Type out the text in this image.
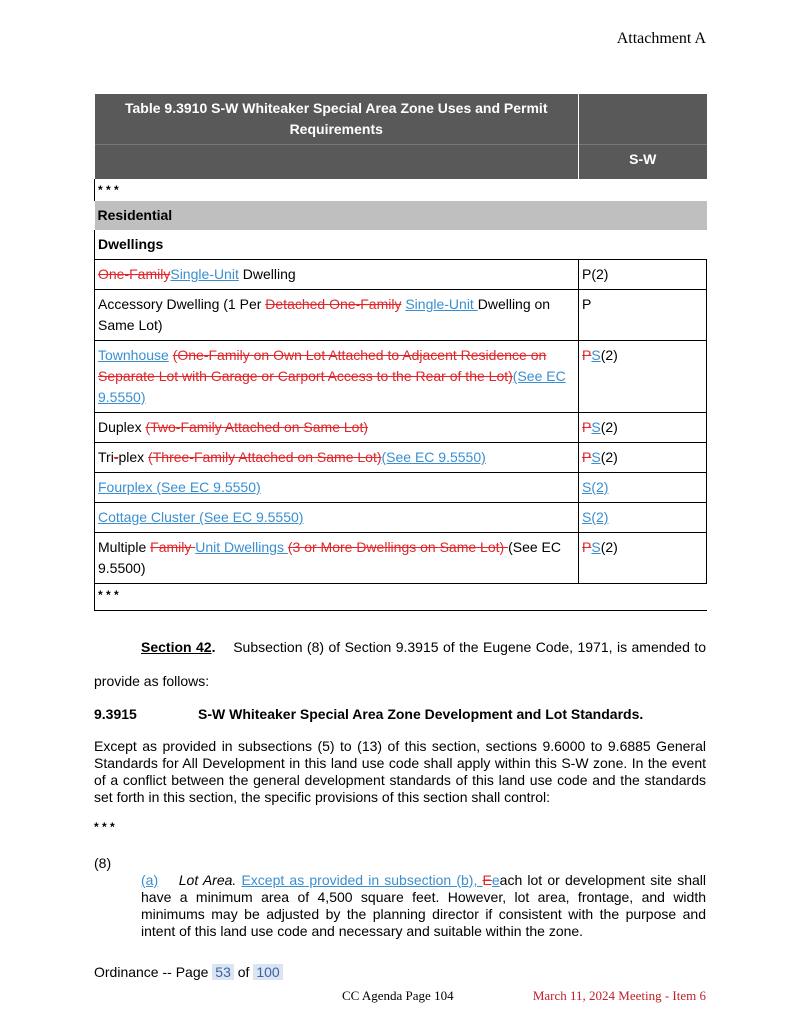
Attachment A
Table 9.3910 S-W Whiteaker Special Area Zone Uses and Permit Requirements	
	S-W
* * *	
Residential	
Dwellings	
One-FamilySingle-Unit Dwelling	P(2)
Accessory Dwelling (1 Per Detached One-Family Single-Unit Dwelling on Same Lot)	P
Townhouse (One-Family on Own Lot Attached to Adjacent Residence on Separate Lot with Garage or Carport Access to the Rear of the Lot)(See EC 9.5550)	PS(2)
Duplex (Two-Family Attached on Same Lot)	PS(2)
Tri-plex (Three-Family Attached on Same Lot)(See EC 9.5550)	PS(2)
Fourplex (See EC 9.5550)	S(2)
Cottage Cluster (See EC 9.5550)	S(2)
Multiple Family Unit Dwellings (3 or More Dwellings on Same Lot) (See EC 9.5500)	PS(2)
* * *	
Section 42. Subsection (8) of Section 9.3915 of the Eugene Code, 1971, is amended to
provide as follows:
9.3915	S-W Whiteaker Special Area Zone Development and Lot Standards.
Except as provided in subsections (5) to (13) of this section, sections 9.6000 to 9.6885 General Standards for All Development in this land use code shall apply within this S-W zone. In the event of a conflict between the general development standards of this land use code and the standards set forth in this section, the specific provisions of this section shall control:
* * *
(8)
(a) Lot Area. Except as provided in subsection (b), Eeach lot or development site shall have a minimum area of 4,500 square feet. However, lot area, frontage, and width minimums may be adjusted by the planning director if consistent with the purpose and intent of this land use code and necessary and suitable within the zone.
Ordinance -- Page 53 of 100
CC Agenda Page 104	March 11, 2024 Meeting - Item 6
